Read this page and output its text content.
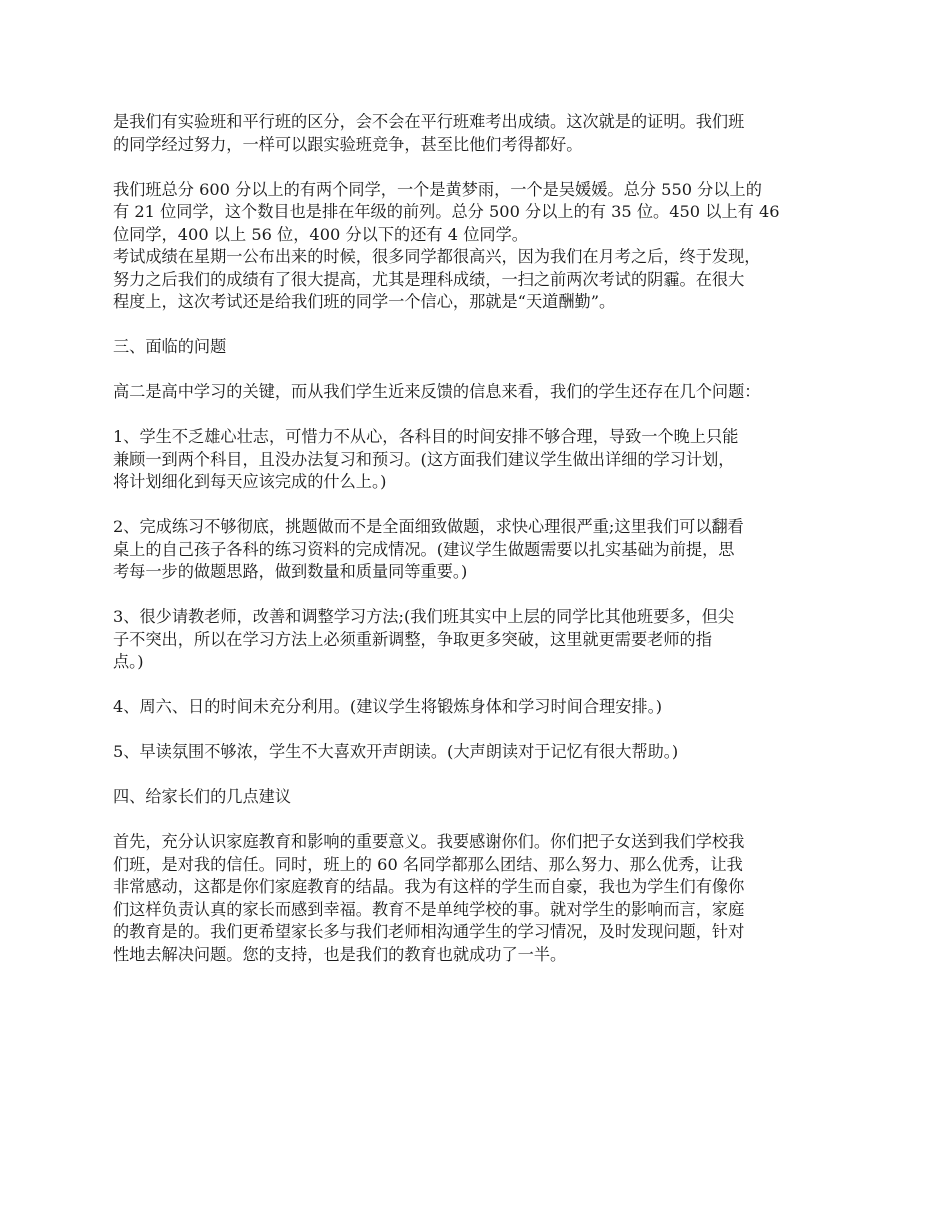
是我们有实验班和平行班的区分，会不会在平行班难考出成绩。这次就是的证明。我们班
的同学经过努力，一样可以跟实验班竞争，甚至比他们考得都好。
我们班总分 600 分以上的有两个同学，一个是黄梦雨，一个是吴媛媛。总分 550 分以上的
有 21 位同学，这个数目也是排在年级的前列。总分 500 分以上的有 35 位。450 以上有 46
位同学，400 以上 56 位，400 分以下的还有 4 位同学。
考试成绩在星期一公布出来的时候，很多同学都很高兴，因为我们在月考之后，终于发现，
努力之后我们的成绩有了很大提高，尤其是理科成绩，一扫之前两次考试的阴霾。在很大
程度上，这次考试还是给我们班的同学一个信心，那就是“天道酬勤”。
三、面临的问题
高二是高中学习的关键，而从我们学生近来反馈的信息来看，我们的学生还存在几个问题：
1、学生不乏雄心壮志，可惜力不从心，各科目的时间安排不够合理，导致一个晚上只能
兼顾一到两个科目，且没办法复习和预习。(这方面我们建议学生做出详细的学习计划，
将计划细化到每天应该完成的什么上。)
2、完成练习不够彻底，挑题做而不是全面细致做题，求快心理很严重;这里我们可以翻看
桌上的自己孩子各科的练习资料的完成情况。(建议学生做题需要以扎实基础为前提，思
考每一步的做题思路，做到数量和质量同等重要。)
3、很少请教老师，改善和调整学习方法;(我们班其实中上层的同学比其他班要多，但尖
子不突出，所以在学习方法上必须重新调整，争取更多突破，这里就更需要老师的指
点。)
4、周六、日的时间未充分利用。(建议学生将锻炼身体和学习时间合理安排。)
5、早读氛围不够浓，学生不大喜欢开声朗读。(大声朗读对于记忆有很大帮助。)
四、给家长们的几点建议
首先，充分认识家庭教育和影响的重要意义。我要感谢你们。你们把子女送到我们学校我
们班，是对我的信任。同时，班上的 60 名同学都那么团结、那么努力、那么优秀，让我
非常感动，这都是你们家庭教育的结晶。我为有这样的学生而自豪，我也为学生们有像你
们这样负责认真的家长而感到幸福。教育不是单纯学校的事。就对学生的影响而言，家庭
的教育是的。我们更希望家长多与我们老师相沟通学生的学习情况，及时发现问题，针对
性地去解决问题。您的支持，也是我们的教育也就成功了一半。
